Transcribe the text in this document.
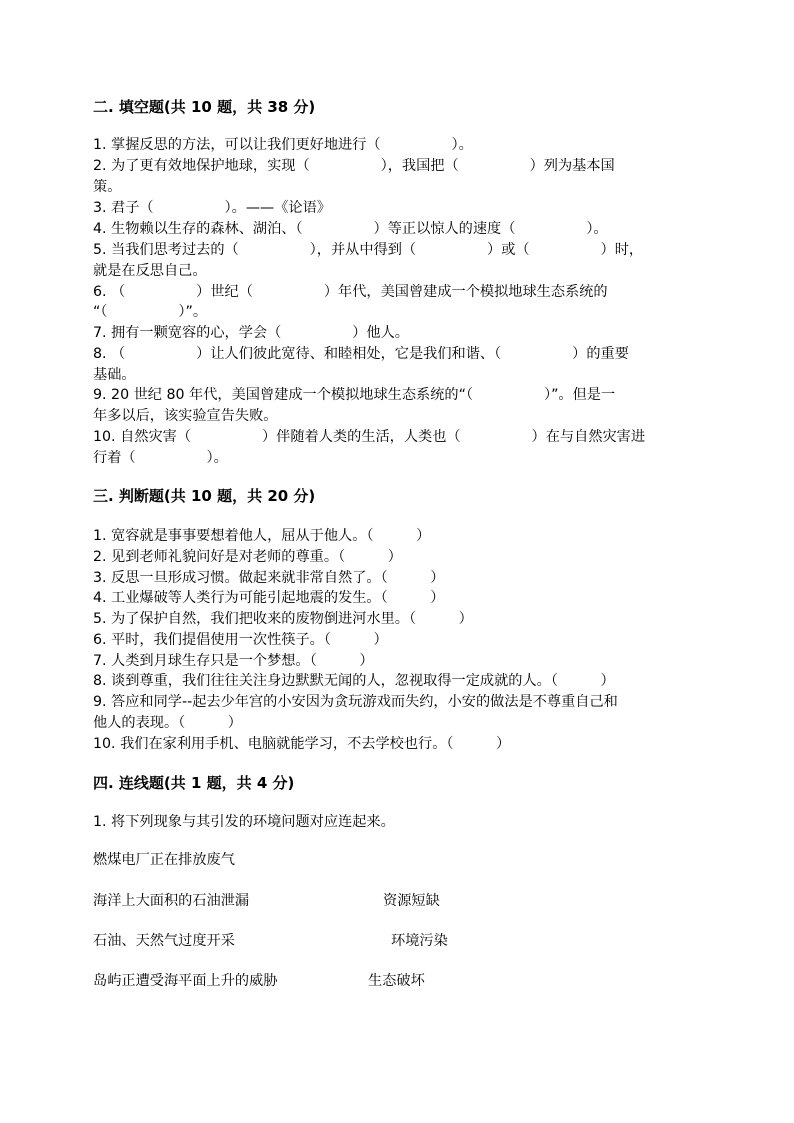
二. 填空题(共 10 题，共 38 分)
1. 掌握反思的方法，可以让我们更好地进行（　　　　　）。
2. 为了更有效地保护地球，实现（　　　　　），我国把（　　　　　）列为基本国
策。
3. 君子（　　　　　）。——《论语》
4. 生物赖以生存的森林、湖泊、（　　　　　）等正以惊人的速度（　　　　　）。
5. 当我们思考过去的（　　　　　），并从中得到（　　　　　）或（　　　　　）时，
就是在反思自己。
6. （　　　　　）世纪（　　　　　）年代，美国曾建成一个模拟地球生态系统的
“（　　　　　）”。
7. 拥有一颗宽容的心，学会（　　　　　）他人。
8. （　　　　　）让人们彼此宽待、和睦相处，它是我们和谐、（　　　　　）的重要
基础。
9. 20 世纪 80 年代，美国曾建成一个模拟地球生态系统的“（　　　　　）”。但是一
年多以后，该实验宣告失败。
10. 自然灾害（　　　　　）伴随着人类的生活，人类也（　　　　　）在与自然灾害进
行着（　　　　　）。
三. 判断题(共 10 题，共 20 分)
1. 宽容就是事事要想着他人，屈从于他人。（　　　）
2. 见到老师礼貌问好是对老师的尊重。（　　　）
3. 反思一旦形成习惯。做起来就非常自然了。（　　　）
4. 工业爆破等人类行为可能引起地震的发生。（　　　）
5. 为了保护自然，我们把收来的废物倒进河水里。（　　　）
6. 平时，我们提倡使用一次性筷子。（　　　）
7. 人类到月球生存只是一个梦想。（　　　）
8. 谈到尊重，我们往往关注身边默默无闻的人，忽视取得一定成就的人。（　　　）
9. 答应和同学--起去少年宫的小安因为贪玩游戏而失约，小安的做法是不尊重自己和
他人的表现。（　　　）
10. 我们在家利用手机、电脑就能学习，不去学校也行。（　　　）
四. 连线题(共 1 题，共 4 分)
1. 将下列现象与其引发的环境问题对应连起来。
燃煤电厂正在排放废气
海洋上大面积的石油泄漏
石油、天然气过度开采
岛屿正遭受海平面上升的威胁
资源短缺
环境污染
生态破坏
